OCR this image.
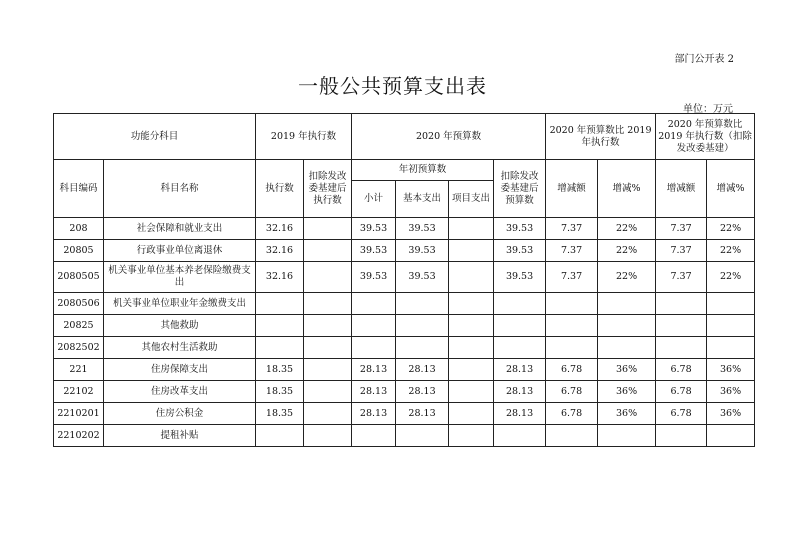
部门公开表 2
一般公共预算支出表
单位：万元
功能分科目		2019 年执行数		2020 年预算数				2020 年预算数比 2019 年执行数		2020 年预算数比 2019 年执行数（扣除发改委基建）	
科目编码	科目名称	执行数	扣除发改委基建后执行数	年初预算数			扣除发改委基建后预算数	增减额	增减%	增减额	增减%
				小计	基本支出	项目支出					
208	社会保障和就业支出	32.16		39.53	39.53		39.53	7.37	22%	7.37	22%
20805	行政事业单位离退休	32.16		39.53	39.53		39.53	7.37	22%	7.37	22%
2080505	机关事业单位基本养老保险缴费支出	32.16		39.53	39.53		39.53	7.37	22%	7.37	22%
2080506	机关事业单位职业年金缴费支出										
20825	其他救助										
2082502	其他农村生活救助										
221	住房保障支出	18.35		28.13	28.13		28.13	6.78	36%	6.78	36%
22102	住房改革支出	18.35		28.13	28.13		28.13	6.78	36%	6.78	36%
2210201	住房公积金	18.35		28.13	28.13		28.13	6.78	36%	6.78	36%
2210202	提租补贴										
